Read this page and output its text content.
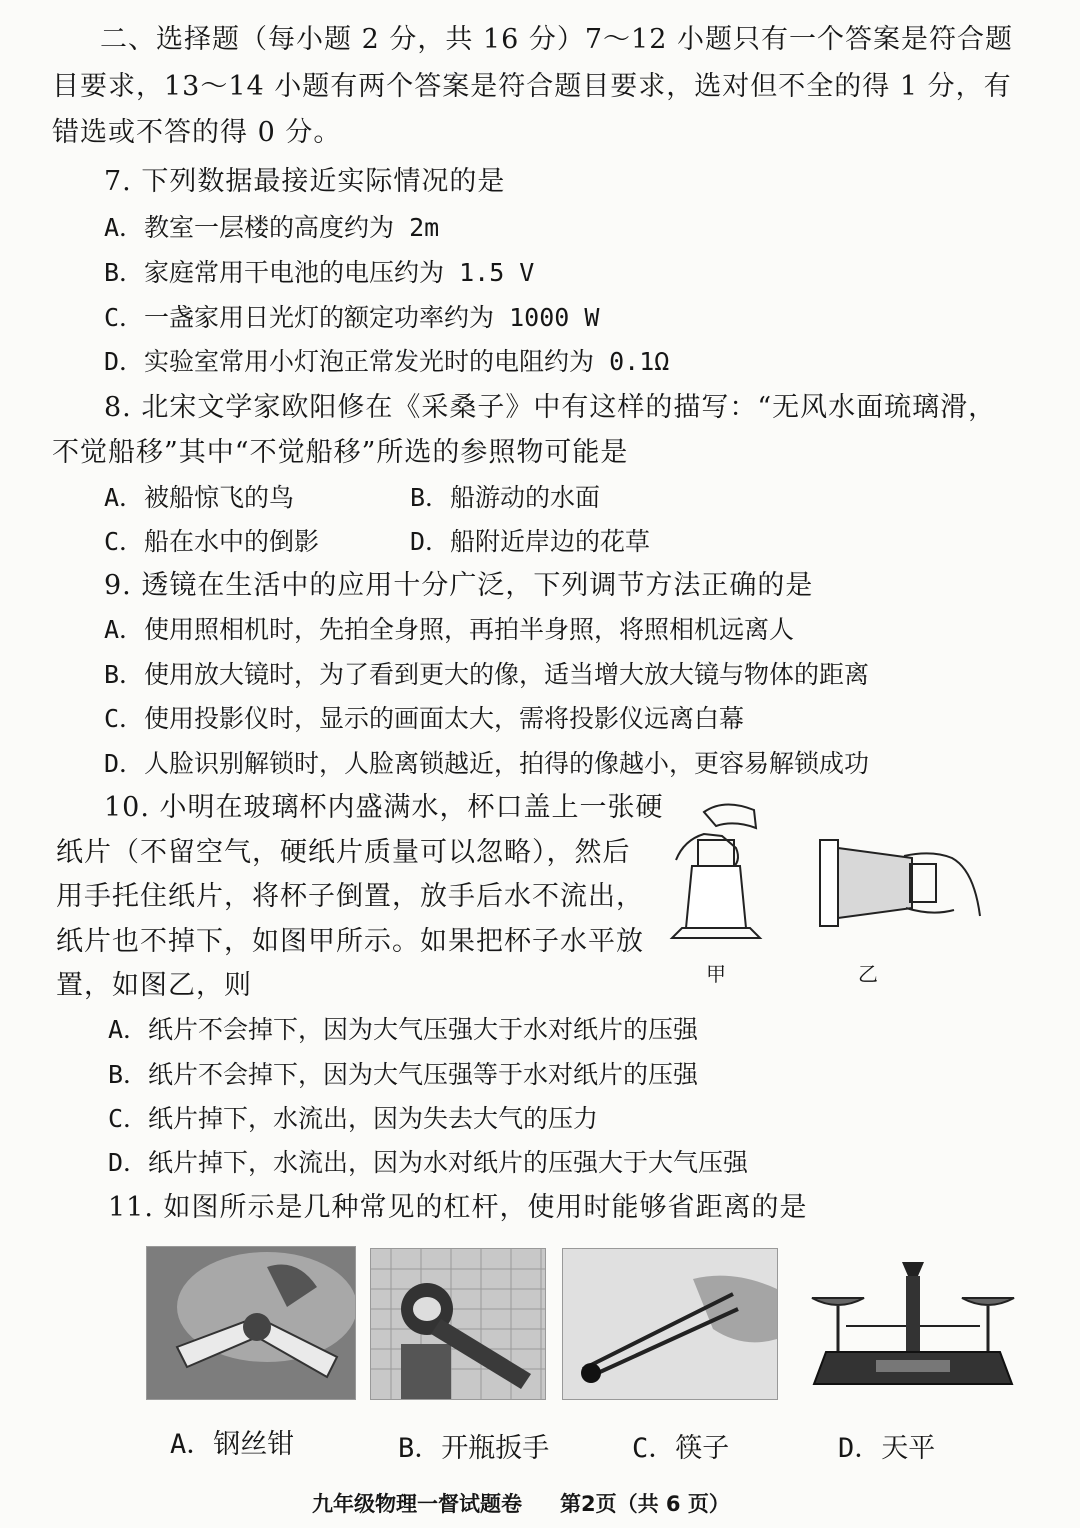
二、选择题（每小题 2 分，共 16 分）7～12 小题只有一个答案是符合题
目要求，13～14 小题有两个答案是符合题目要求，选对但不全的得 1 分，有
错选或不答的得 0 分。
7. 下列数据最接近实际情况的是
A．教室一层楼的高度约为 2m
B．家庭常用干电池的电压约为 1.5 V
C．一盏家用日光灯的额定功率约为 1000 W
D．实验室常用小灯泡正常发光时的电阻约为 0.1Ω
8. 北宋文学家欧阳修在《采桑子》中有这样的描写：“无风水面琉璃滑，
不觉船移”其中“不觉船移”所选的参照物可能是
A．被船惊飞的鸟	B．船游动的水面
C．船在水中的倒影	D．船附近岸边的花草
9. 透镜在生活中的应用十分广泛，下列调节方法正确的是
A．使用照相机时，先拍全身照，再拍半身照，将照相机远离人
B．使用放大镜时，为了看到更大的像，适当增大放大镜与物体的距离
C．使用投影仪时，显示的画面太大，需将投影仪远离白幕
D．人脸识别解锁时，人脸离锁越近，拍得的像越小，更容易解锁成功
10. 小明在玻璃杯内盛满水，杯口盖上一张硬
纸片（不留空气，硬纸片质量可以忽略），然后
用手托住纸片，将杯子倒置，放手后水不流出，
纸片也不掉下，如图甲所示。如果把杯子水平放
置，如图乙，则	甲	乙
A．纸片不会掉下，因为大气压强大于水对纸片的压强
B．纸片不会掉下，因为大气压强等于水对纸片的压强
C．纸片掉下，水流出，因为失去大气的压力
D．纸片掉下，水流出，因为水对纸片的压强大于大气压强
11. 如图所示是几种常见的杠杆，使用时能够省距离的是
A．钢丝钳	B．开瓶扳手	C．筷子	D．天平
九年级物理一督试题卷 第2页（共 6 页）
